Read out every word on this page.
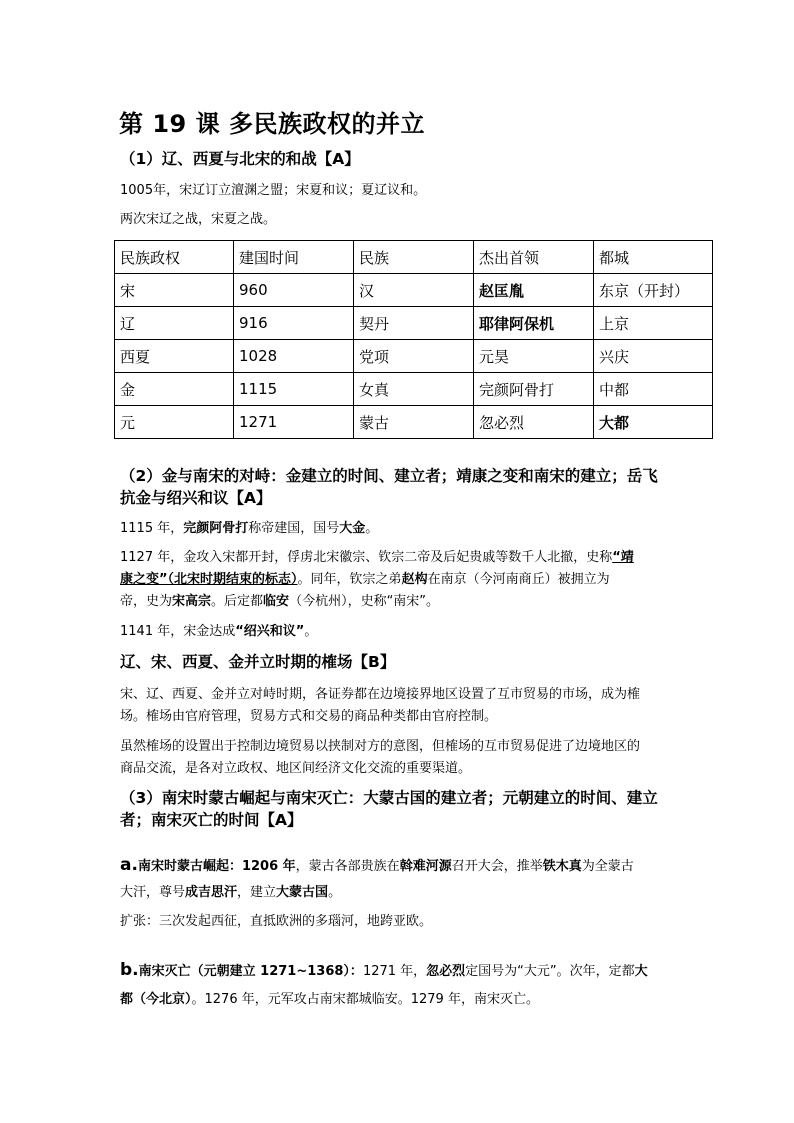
第 19 课 多民族政权的并立
（1）辽、西夏与北宋的和战【A】
1005年，宋辽订立澶渊之盟；宋夏和议；夏辽议和。
两次宋辽之战，宋夏之战。
民族政权	建国时间	民族	杰出首领	都城
宋	960	汉	赵匡胤	东京（开封）
辽	916	契丹	耶律阿保机	上京
西夏	1028	党项	元昊	兴庆
金	1115	女真	完颜阿骨打	中都
元	1271	蒙古	忽必烈	大都
（2）金与南宋的对峙：金建立的时间、建立者；靖康之变和南宋的建立；岳飞
抗金与绍兴和议【A】
1115 年，完颜阿骨打称帝建国，国号大金。
1127 年，金攻入宋都开封，俘虏北宋徽宗、钦宗二帝及后妃贵戚等数千人北撤，史称“靖
康之变”（北宋时期结束的标志）。同年，钦宗之弟赵构在南京（今河南商丘）被拥立为
帝，史为宋高宗。后定都临安（今杭州），史称“南宋”。
1141 年，宋金达成“绍兴和议”。
辽、宋、西夏、金并立时期的榷场【B】
宋、辽、西夏、金并立对峙时期，各证券都在边境接界地区设置了互市贸易的市场，成为榷
场。榷场由官府管理，贸易方式和交易的商品种类都由官府控制。
虽然榷场的设置出于控制边境贸易以挟制对方的意图，但榷场的互市贸易促进了边境地区的
商品交流，是各对立政权、地区间经济文化交流的重要渠道。
（3）南宋时蒙古崛起与南宋灭亡：大蒙古国的建立者；元朝建立的时间、建立
者；南宋灭亡的时间【A】
a.南宋时蒙古崛起：1206 年，蒙古各部贵族在斡难河源召开大会，推举铁木真为全蒙古
大汗，尊号成吉思汗，建立大蒙古国。
扩张：三次发起西征，直抵欧洲的多瑙河，地跨亚欧。
b.南宋灭亡（元朝建立 1271~1368）：1271 年，忽必烈定国号为“大元”。次年，定都大
都（今北京）。1276 年，元军攻占南宋都城临安。1279 年，南宋灭亡。
